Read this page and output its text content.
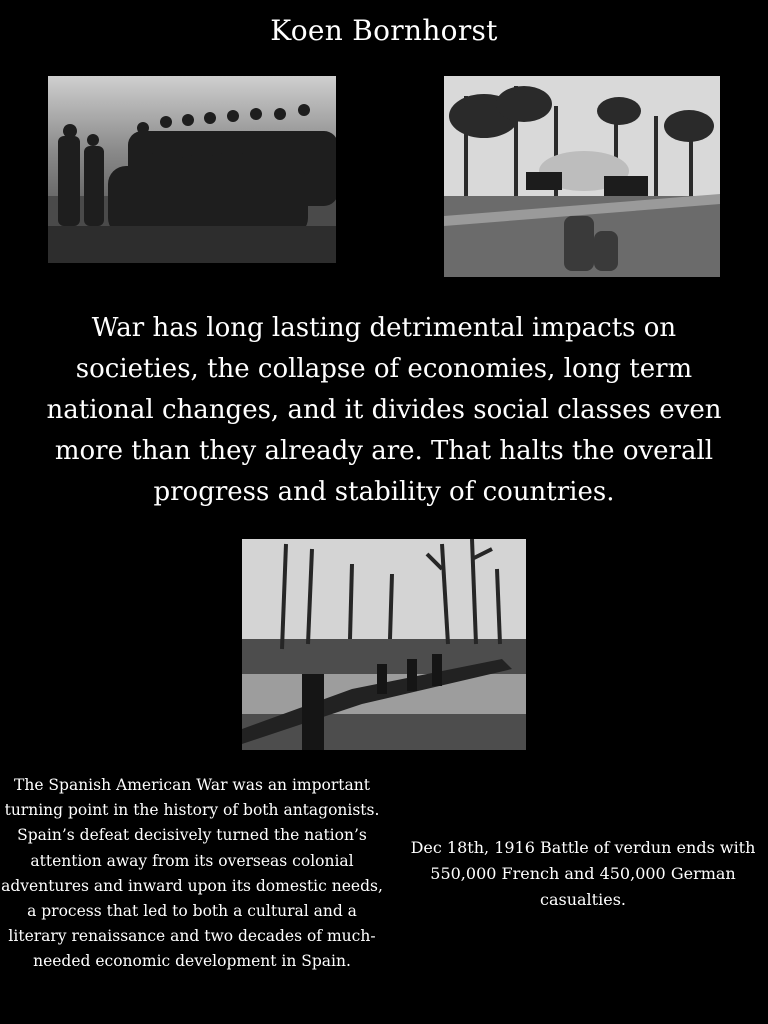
Koen Bornhorst
War has long lasting detrimental impacts on societies, the collapse of economies, long term national changes, and it divides social classes even more than they already are. That halts the overall progress and stability of countries.
The Spanish American War was an important turning point in the history of both antagonists. Spain’s defeat decisively turned the nation’s attention away from its overseas colonial adventures and inward upon its domestic needs, a process that led to both a cultural and a literary renaissance and two decades of much-needed economic development in Spain.
Dec 18th, 1916 Battle of verdun ends with 550,000 French and 450,000 German casualties.
